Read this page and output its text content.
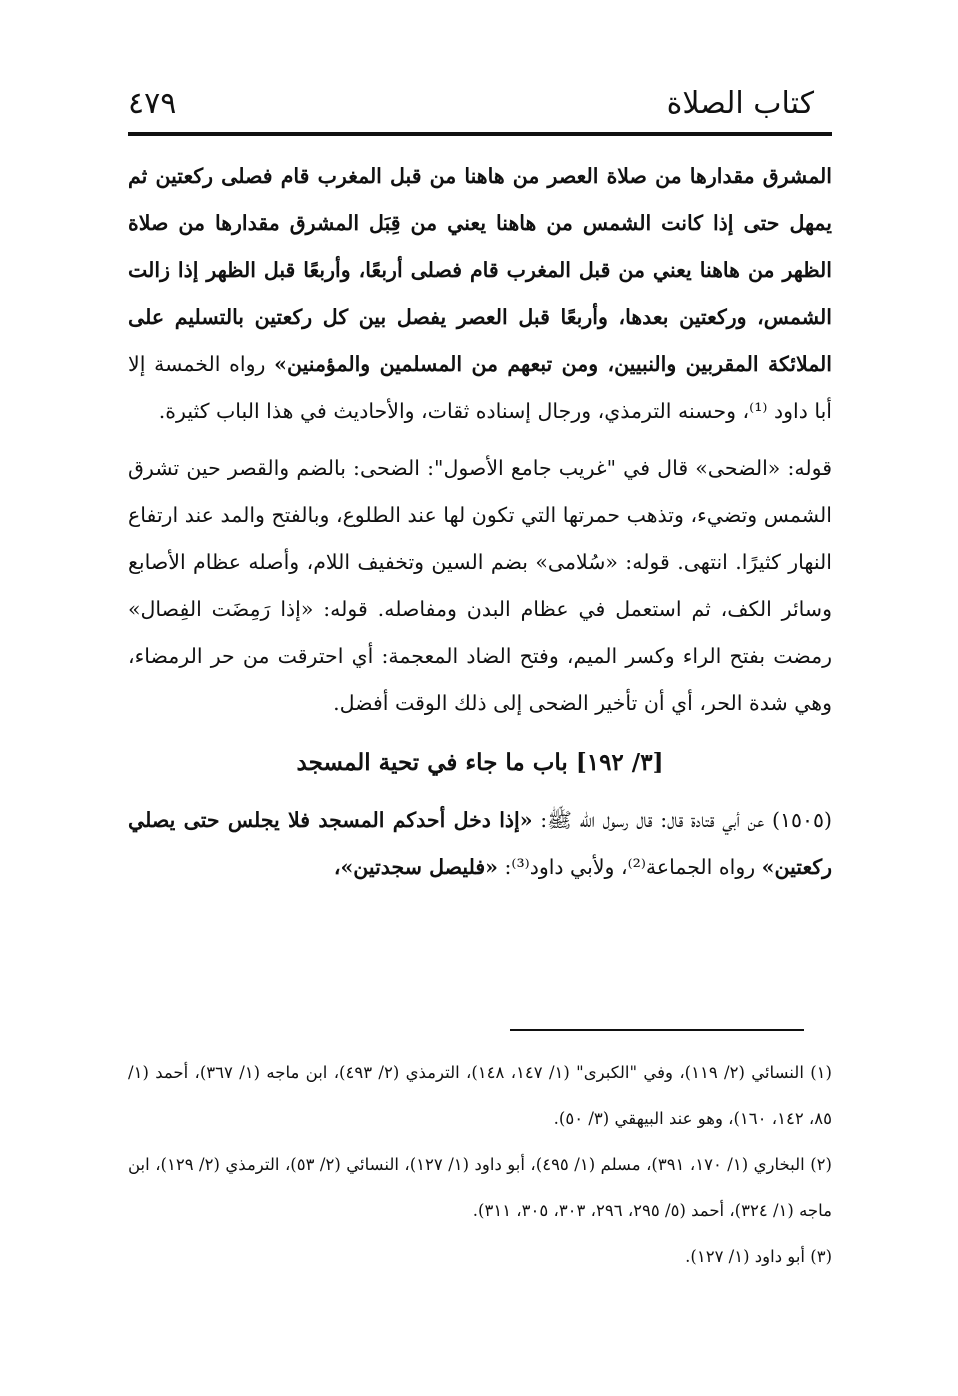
كتاب الصلاة
٤٧٩

المشرق مقدارها من صلاة العصر من هاهنا من قبل المغرب قام فصلى ركعتين ثم يمهل حتى إذا كانت الشمس من هاهنا يعني من قِبَل المشرق مقدارها من صلاة الظهر من هاهنا يعني من قبل المغرب قام فصلى أربعًا، وأربعًا قبل الظهر إذا زالت الشمس، وركعتين بعدها، وأربعًا قبل العصر يفصل بين كل ركعتين بالتسليم على الملائكة المقربين والنبيين، ومن تبعهم من المسلمين والمؤمنين» رواه الخمسة إلا أبا داود ⁽¹⁾، وحسنه الترمذي، ورجال إسناده ثقات، والأحاديث في هذا الباب كثيرة.

قوله: «الضحى» قال في "غريب جامع الأصول": الضحى: بالضم والقصر حين تشرق الشمس وتضيء، وتذهب حمرتها التي تكون لها عند الطلوع، وبالفتح والمد عند ارتفاع النهار كثيرًا. انتهى. قوله: «سُلامى» بضم السين وتخفيف اللام، وأصله عظام الأصابع وسائر الكف، ثم استعمل في عظام البدن ومفاصله. قوله: «إذا رَمِضَت الفِصال» رمضت بفتح الراء وكسر الميم، وفتح الضاد المعجمة: أي احترقت من حر الرمضاء، وهي شدة الحر، أي أن تأخير الضحى إلى ذلك الوقت أفضل.

[٣/ ١٩٢] باب ما جاء في تحية المسجد

(١٥٠٥) عن أبي قتادة قال: قال رسول الله ﷺ: «إذا دخل أحدكم المسجد فلا يجلس حتى يصلي ركعتين» رواه الجماعة⁽²⁾، ولأبي داود⁽³⁾: «فليصل سجدتين»،

(١) النسائي (٢/ ١١٩)، وفي "الكبرى" (١/ ١٤٧، ١٤٨)، الترمذي (٢/ ٤٩٣)، ابن ماجه (١/ ٣٦٧)، أحمد (١/ ٨٥، ١٤٢، ١٦٠)، وهو عند البيهقي (٣/ ٥٠).

(٢) البخاري (١/ ١٧٠، ٣٩١)، مسلم (١/ ٤٩٥)، أبو داود (١/ ١٢٧)، النسائي (٢/ ٥٣)، الترمذي (٢/ ١٢٩)، ابن ماجه (١/ ٣٢٤)، أحمد (٥/ ٢٩٥، ٢٩٦، ٣٠٣، ٣٠٥، ٣١١).

(٣) أبو داود (١/ ١٢٧).
